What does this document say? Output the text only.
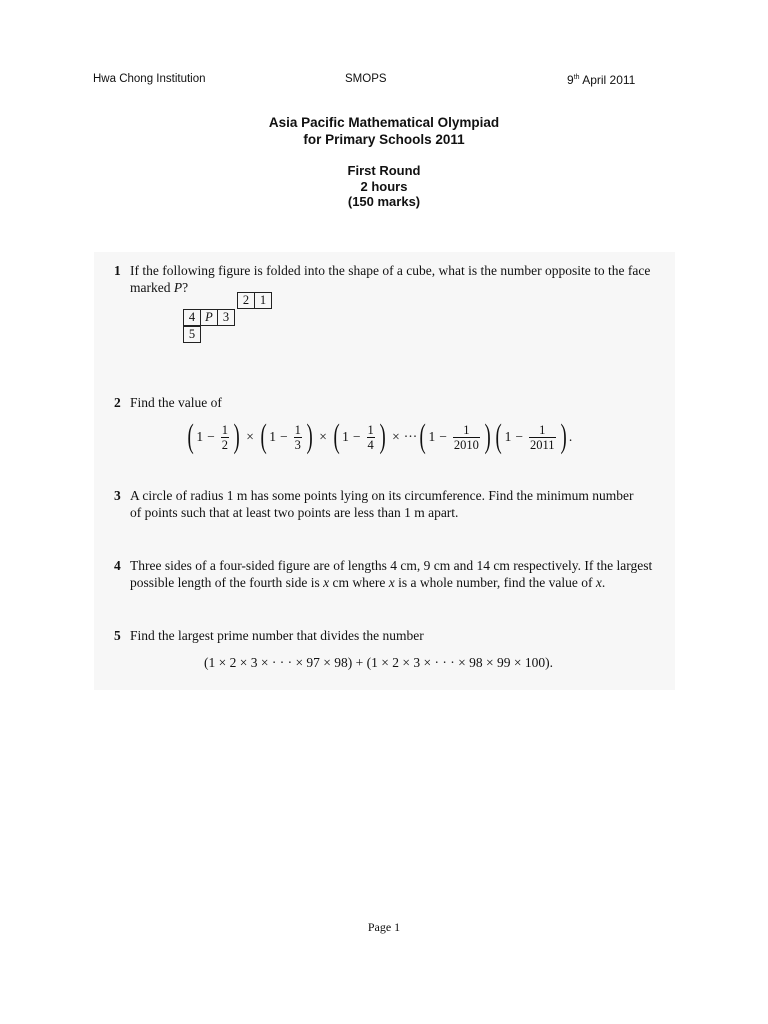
Hwa Chong Institution	SMOPS	9th April 2011
Asia Pacific Mathematical Olympiad
for Primary Schools 2011
First Round
2 hours
(150 marks)
1 If the following figure is folded into the shape of a cube, what is the number opposite to the face
marked P?
2 1
4 P 3
5
2 Find the value of
( $1 - \frac{1}{2}$ ) × ( $1 - \frac{1}{3}$ ) × ( $1 - \frac{1}{4}$ ) × ··· ( $1 - \frac{1}{2010}$ ) ( $1 - \frac{1}{2011}$ ) .
3 A circle of radius 1 m has some points lying on its circumference. Find the minimum number
of points such that at least two points are less than 1 m apart.
4 Three sides of a four-sided figure are of lengths 4 cm, 9 cm and 14 cm respectively. If the largest
possible length of the fourth side is x cm where x is a whole number, find the value of x.
5 Find the largest prime number that divides the number
(1 × 2 × 3 × · · · × 97 × 98) + (1 × 2 × 3 × · · · × 98 × 99 × 100).
Page 1
